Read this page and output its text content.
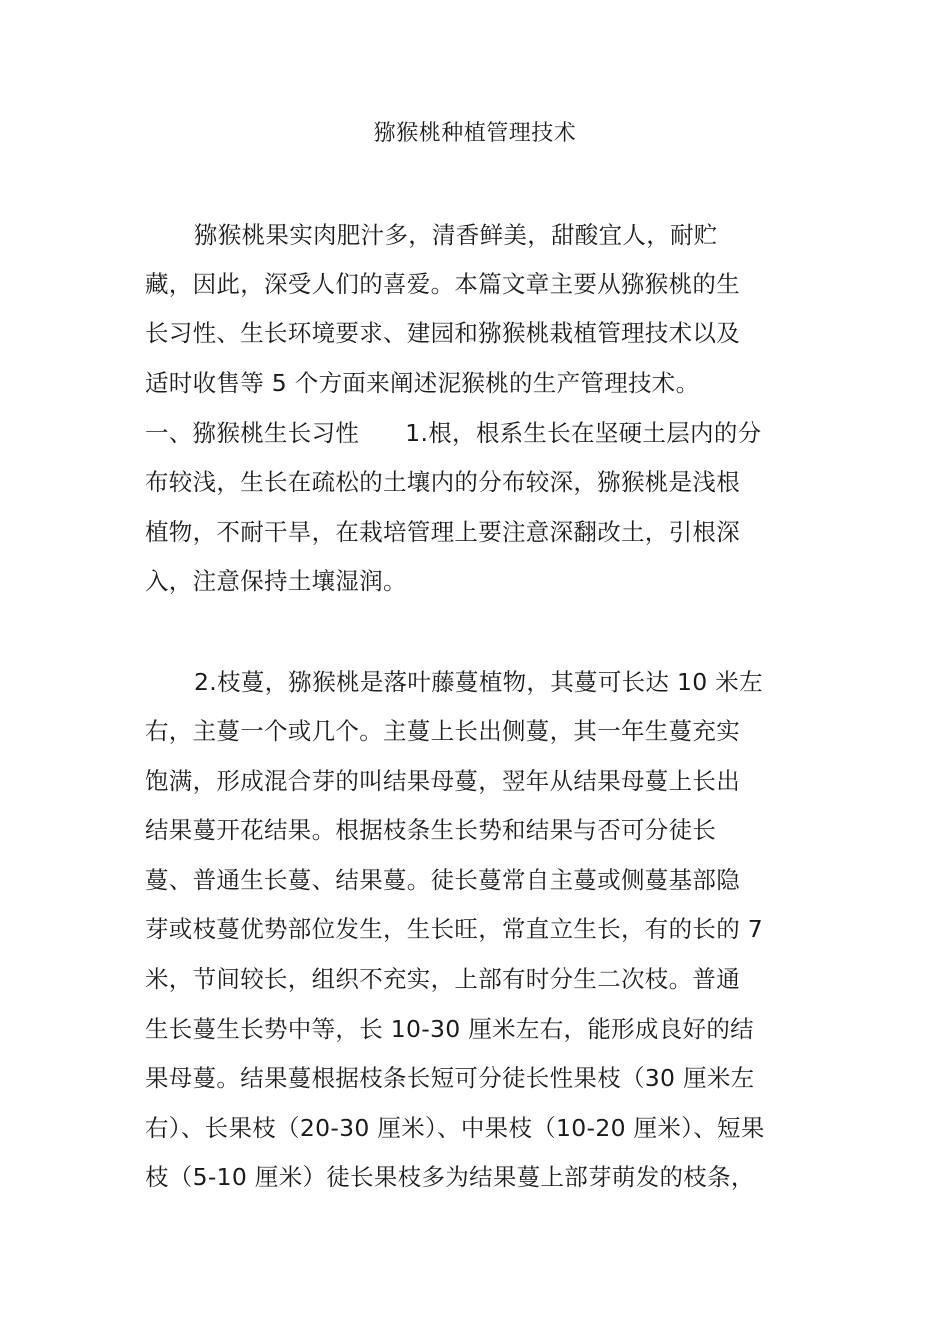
猕猴桃种植管理技术
猕猴桃果实肉肥汁多，清香鲜美，甜酸宜人，耐贮
藏，因此，深受人们的喜爱。本篇文章主要从猕猴桃的生
长习性、生长环境要求、建园和猕猴桃栽植管理技术以及
适时收售等 5 个方面来阐述泥猴桃的生产管理技术。
一、猕猴桃生长习性 1.根，根系生长在坚硬土层内的分
布较浅，生长在疏松的土壤内的分布较深，猕猴桃是浅根
植物，不耐干旱，在栽培管理上要注意深翻改土，引根深
入，注意保持土壤湿润。
2.枝蔓，猕猴桃是落叶藤蔓植物，其蔓可长达 10 米左
右，主蔓一个或几个。主蔓上长出侧蔓，其一年生蔓充实
饱满，形成混合芽的叫结果母蔓，翌年从结果母蔓上长出
结果蔓开花结果。根据枝条生长势和结果与否可分徒长
蔓、普通生长蔓、结果蔓。徒长蔓常自主蔓或侧蔓基部隐
芽或枝蔓优势部位发生，生长旺，常直立生长，有的长的 7
米，节间较长，组织不充实，上部有时分生二次枝。普通
生长蔓生长势中等，长 10-30 厘米左右，能形成良好的结
果母蔓。结果蔓根据枝条长短可分徒长性果枝（30 厘米左
右）、长果枝（20-30 厘米）、中果枝（10-20 厘米）、短果
枝（5-10 厘米）徒长果枝多为结果蔓上部芽萌发的枝条，
